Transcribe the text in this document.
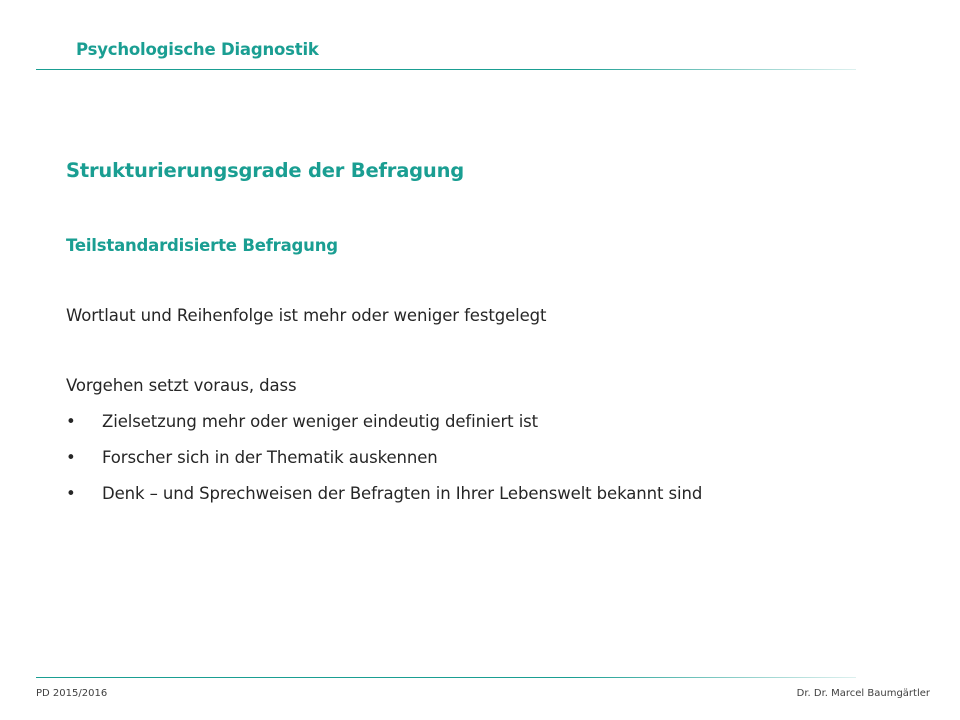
Psychologische Diagnostik
Strukturierungsgrade der Befragung
Teilstandardisierte Befragung
Wortlaut und Reihenfolge ist mehr oder weniger festgelegt
Vorgehen setzt voraus, dass
• Zielsetzung mehr oder weniger eindeutig definiert ist
• Forscher sich in der Thematik auskennen
• Denk – und Sprechweisen der Befragten in Ihrer Lebenswelt bekannt sind
PD 2015/2016	Dr. Dr. Marcel Baumgärtler
